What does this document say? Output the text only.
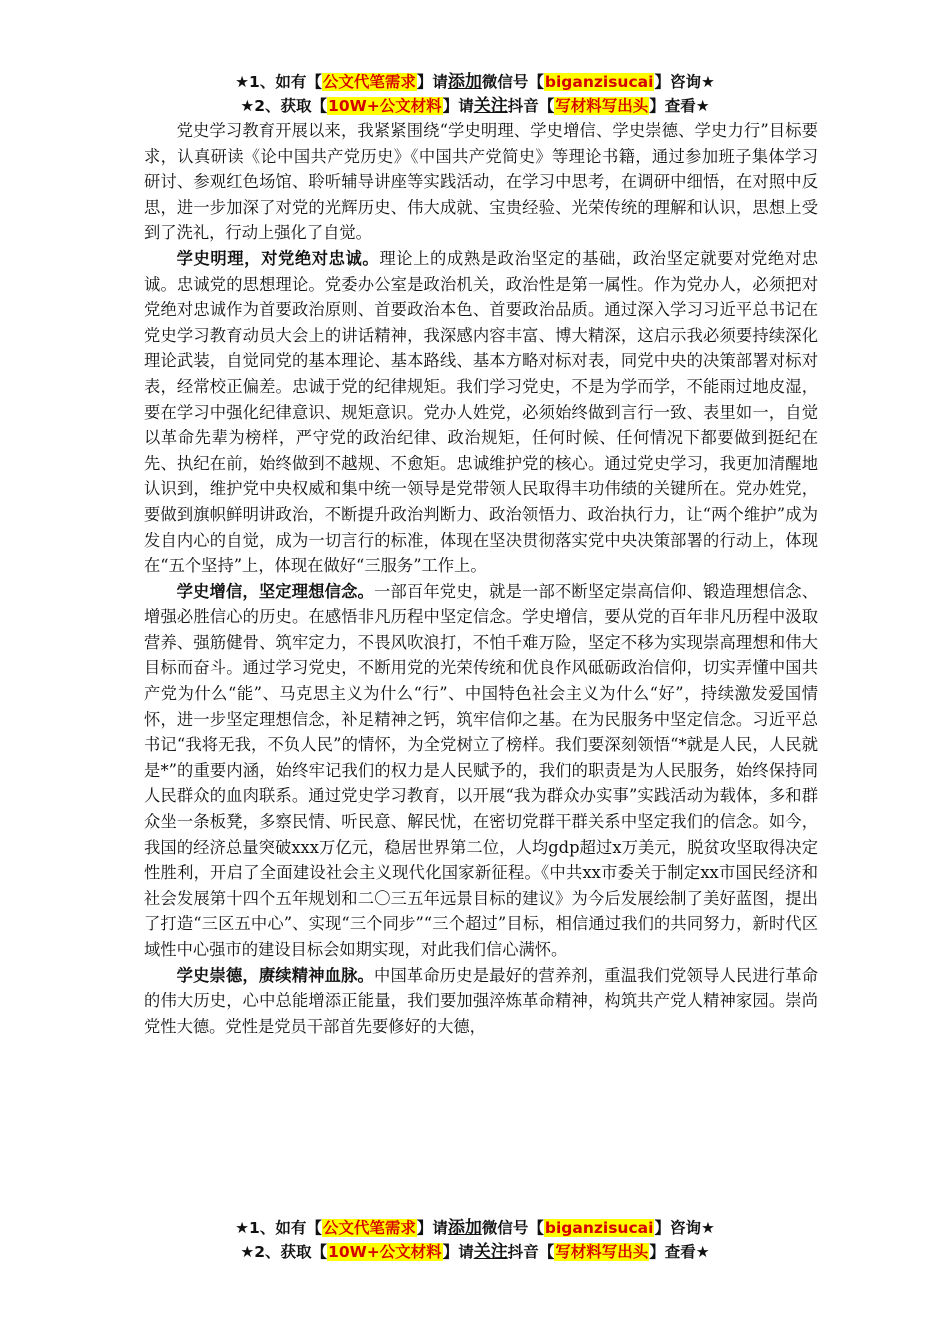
★1、如有【公文代笔需求】请添加微信号【biganzisucai】咨询★
★2、获取【10W+公文材料】请关注抖音【写材料写出头】查看★

党史学习教育开展以来，我紧紧围绕“学史明理、学史增信、学史崇德、学史力行”目标要求，认真研读《论中国共产党历史》《中国共产党简史》等理论书籍，通过参加班子集体学习研讨、参观红色场馆、聆听辅导讲座等实践活动，在学习中思考，在调研中细悟，在对照中反思，进一步加深了对党的光辉历史、伟大成就、宝贵经验、光荣传统的理解和认识，思想上受到了洗礼，行动上强化了自觉。

学史明理，对党绝对忠诚。理论上的成熟是政治坚定的基础，政治坚定就要对党绝对忠诚。忠诚党的思想理论。党委办公室是政治机关，政治性是第一属性。作为党办人，必须把对党绝对忠诚作为首要政治原则、首要政治本色、首要政治品质。通过深入学习习近平总书记在党史学习教育动员大会上的讲话精神，我深感内容丰富、博大精深，这启示我必须要持续深化理论武装，自觉同党的基本理论、基本路线、基本方略对标对表，同党中央的决策部署对标对表，经常校正偏差。忠诚于党的纪律规矩。我们学习党史，不是为学而学，不能雨过地皮湿，要在学习中强化纪律意识、规矩意识。党办人姓党，必须始终做到言行一致、表里如一，自觉以革命先辈为榜样，严守党的政治纪律、政治规矩，任何时候、任何情况下都要做到挺纪在先、执纪在前，始终做到不越规、不愈矩。忠诚维护党的核心。通过党史学习，我更加清醒地认识到，维护党中央权威和集中统一领导是党带领人民取得丰功伟绩的关键所在。党办姓党，要做到旗帜鲜明讲政治，不断提升政治判断力、政治领悟力、政治执行力，让“两个维护”成为发自内心的自觉，成为一切言行的标准，体现在坚决贯彻落实党中央决策部署的行动上，体现在“五个坚持”上，体现在做好“三服务”工作上。

学史增信，坚定理想信念。一部百年党史，就是一部不断坚定崇高信仰、锻造理想信念、增强必胜信心的历史。在感悟非凡历程中坚定信念。学史增信，要从党的百年非凡历程中汲取营养、强筋健骨、筑牢定力，不畏风吹浪打，不怕千难万险，坚定不移为实现崇高理想和伟大目标而奋斗。通过学习党史，不断用党的光荣传统和优良作风砥砺政治信仰，切实弄懂中国共产党为什么“能”、马克思主义为什么“行”、中国特色社会主义为什么“好”，持续激发爱国情怀，进一步坚定理想信念，补足精神之钙，筑牢信仰之基。在为民服务中坚定信念。习近平总书记“我将无我，不负人民”的情怀，为全党树立了榜样。我们要深刻领悟“*就是人民，人民就是*”的重要内涵，始终牢记我们的权力是人民赋予的，我们的职责是为人民服务，始终保持同人民群众的血肉联系。通过党史学习教育，以开展“我为群众办实事”实践活动为载体，多和群众坐一条板凳，多察民情、听民意、解民忧，在密切党群干群关系中坚定我们的信念。如今，我国的经济总量突破xxx万亿元，稳居世界第二位，人均gdp超过x万美元，脱贫攻坚取得决定性胜利，开启了全面建设社会主义现代化国家新征程。《中共xx市委关于制定xx市国民经济和社会发展第十四个五年规划和二〇三五年远景目标的建议》为今后发展绘制了美好蓝图，提出了打造“三区五中心”、实现“三个同步”“三个超过”目标，相信通过我们的共同努力，新时代区域性中心强市的建设目标会如期实现，对此我们信心满怀。

学史崇德，赓续精神血脉。中国革命历史是最好的营养剂，重温我们党领导人民进行革命的伟大历史，心中总能增添正能量，我们要加强淬炼革命精神，构筑共产党人精神家园。崇尚党性大德。党性是党员干部首先要修好的大德，

★1、如有【公文代笔需求】请添加微信号【biganzisucai】咨询★
★2、获取【10W+公文材料】请关注抖音【写材料写出头】查看★
